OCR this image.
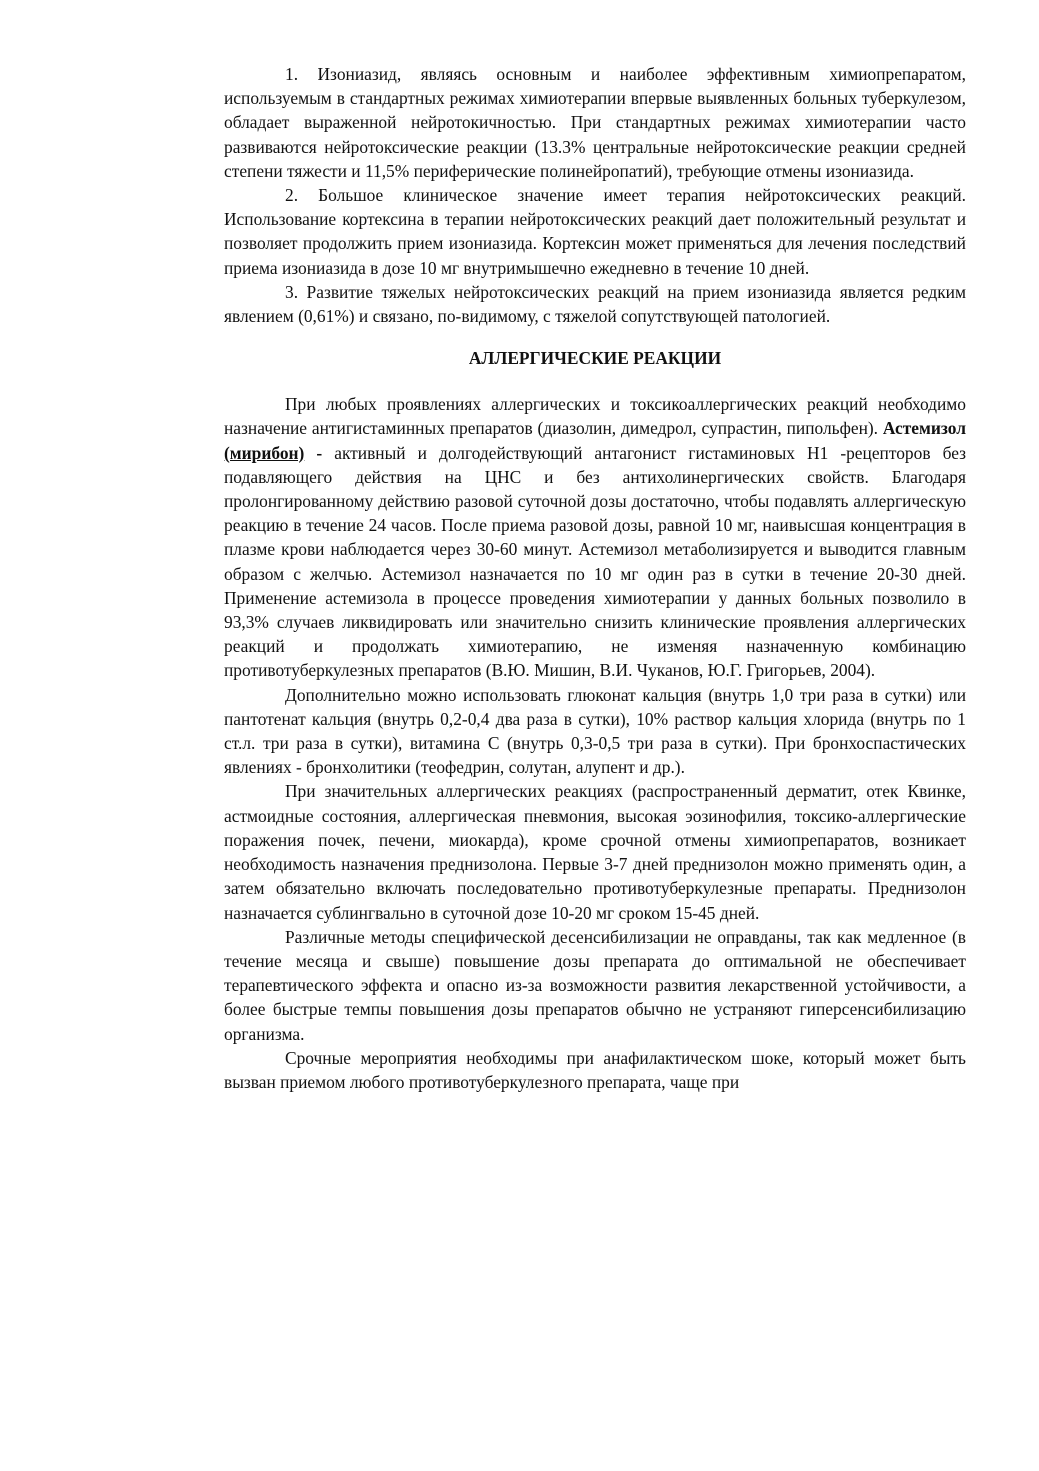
1. Изониазид, являясь основным и наиболее эффективным химиопрепаратом, используемым в стандартных режимах химиотерапии впервые выявленных больных туберкулезом, обладает выраженной нейротокичностью. При стандартных режимах химиотерапии часто развиваются нейротоксические реакции (13.3% центральные нейротоксические реакции средней степени тяжести и 11,5% периферические полинейропатий), требующие отмены изониазида.

2. Большое клиническое значение имеет терапия нейротоксических реакций. Использование кортексина в терапии нейротоксических реакций дает положительный результат и позволяет продолжить прием изониазида. Кортексин может применяться для лечения последствий приема изониазида в дозе 10 мг внутримышечно ежедневно в течение 10 дней.

3. Развитие тяжелых нейротоксических реакций на прием изониазида является редким явлением (0,61%) и связано, по-видимому, с тяжелой сопутствующей патологией.

АЛЛЕРГИЧЕСКИЕ РЕАКЦИИ

При любых проявлениях аллергических и токсикоаллергических реакций необходимо назначение антигистаминных препаратов (диазолин, димедрол, супрастин, пипольфен). Астемизол (мирибон) - активный и долгодействующий антагонист гистаминовых Н1 -рецепторов без подавляющего действия на ЦНС и без антихолинергических свойств. Благодаря пролонгированному действию разовой суточной дозы достаточно, чтобы подавлять аллергическую реакцию в течение 24 часов. После приема разовой дозы, равной 10 мг, наивысшая концентрация в плазме крови наблюдается через 30-60 минут. Астемизол метаболизируется и выводится главным образом с желчью. Астемизол назначается по 10 мг один раз в сутки в течение 20-30 дней. Применение астемизола в процессе проведения химиотерапии у данных больных позволило в 93,3% случаев ликвидировать или значительно снизить клинические проявления аллергических реакций и продолжать химиотерапию, не изменяя назначенную комбинацию противотуберкулезных препаратов (В.Ю. Мишин, В.И. Чуканов, Ю.Г. Григорьев, 2004).

Дополнительно можно использовать глюконат кальция (внутрь 1,0 три раза в сутки) или пантотенат кальция (внутрь 0,2-0,4 два раза в сутки), 10% раствор кальция хлорида (внутрь по 1 ст.л. три раза в сутки), витамина С (внутрь 0,3-0,5 три раза в сутки). При бронхоспастических явлениях - бронхолитики (теофедрин, солутан, алупент и др.).

При значительных аллергических реакциях (распространенный дерматит, отек Квинке, астмоидные состояния, аллергическая пневмония, высокая эозинофилия, токсико-аллергические поражения почек, печени, миокарда), кроме срочной отмены химиопрепаратов, возникает необходимость назначения преднизолона. Первые 3-7 дней преднизолон можно применять один, а затем обязательно включать последовательно противотуберкулезные препараты. Преднизолон назначается сублингвально в суточной дозе 10-20 мг сроком 15-45 дней.

Различные методы специфической десенсибилизации не оправданы, так как медленное (в течение месяца и свыше) повышение дозы препарата до оптимальной не обеспечивает терапевтического эффекта и опасно из-за возможности развития лекарственной устойчивости, а более быстрые темпы повышения дозы препаратов обычно не устраняют гиперсенсибилизацию организма.

Срочные мероприятия необходимы при анафилактическом шоке, который может быть вызван приемом любого противотуберкулезного препарата, чаще при
